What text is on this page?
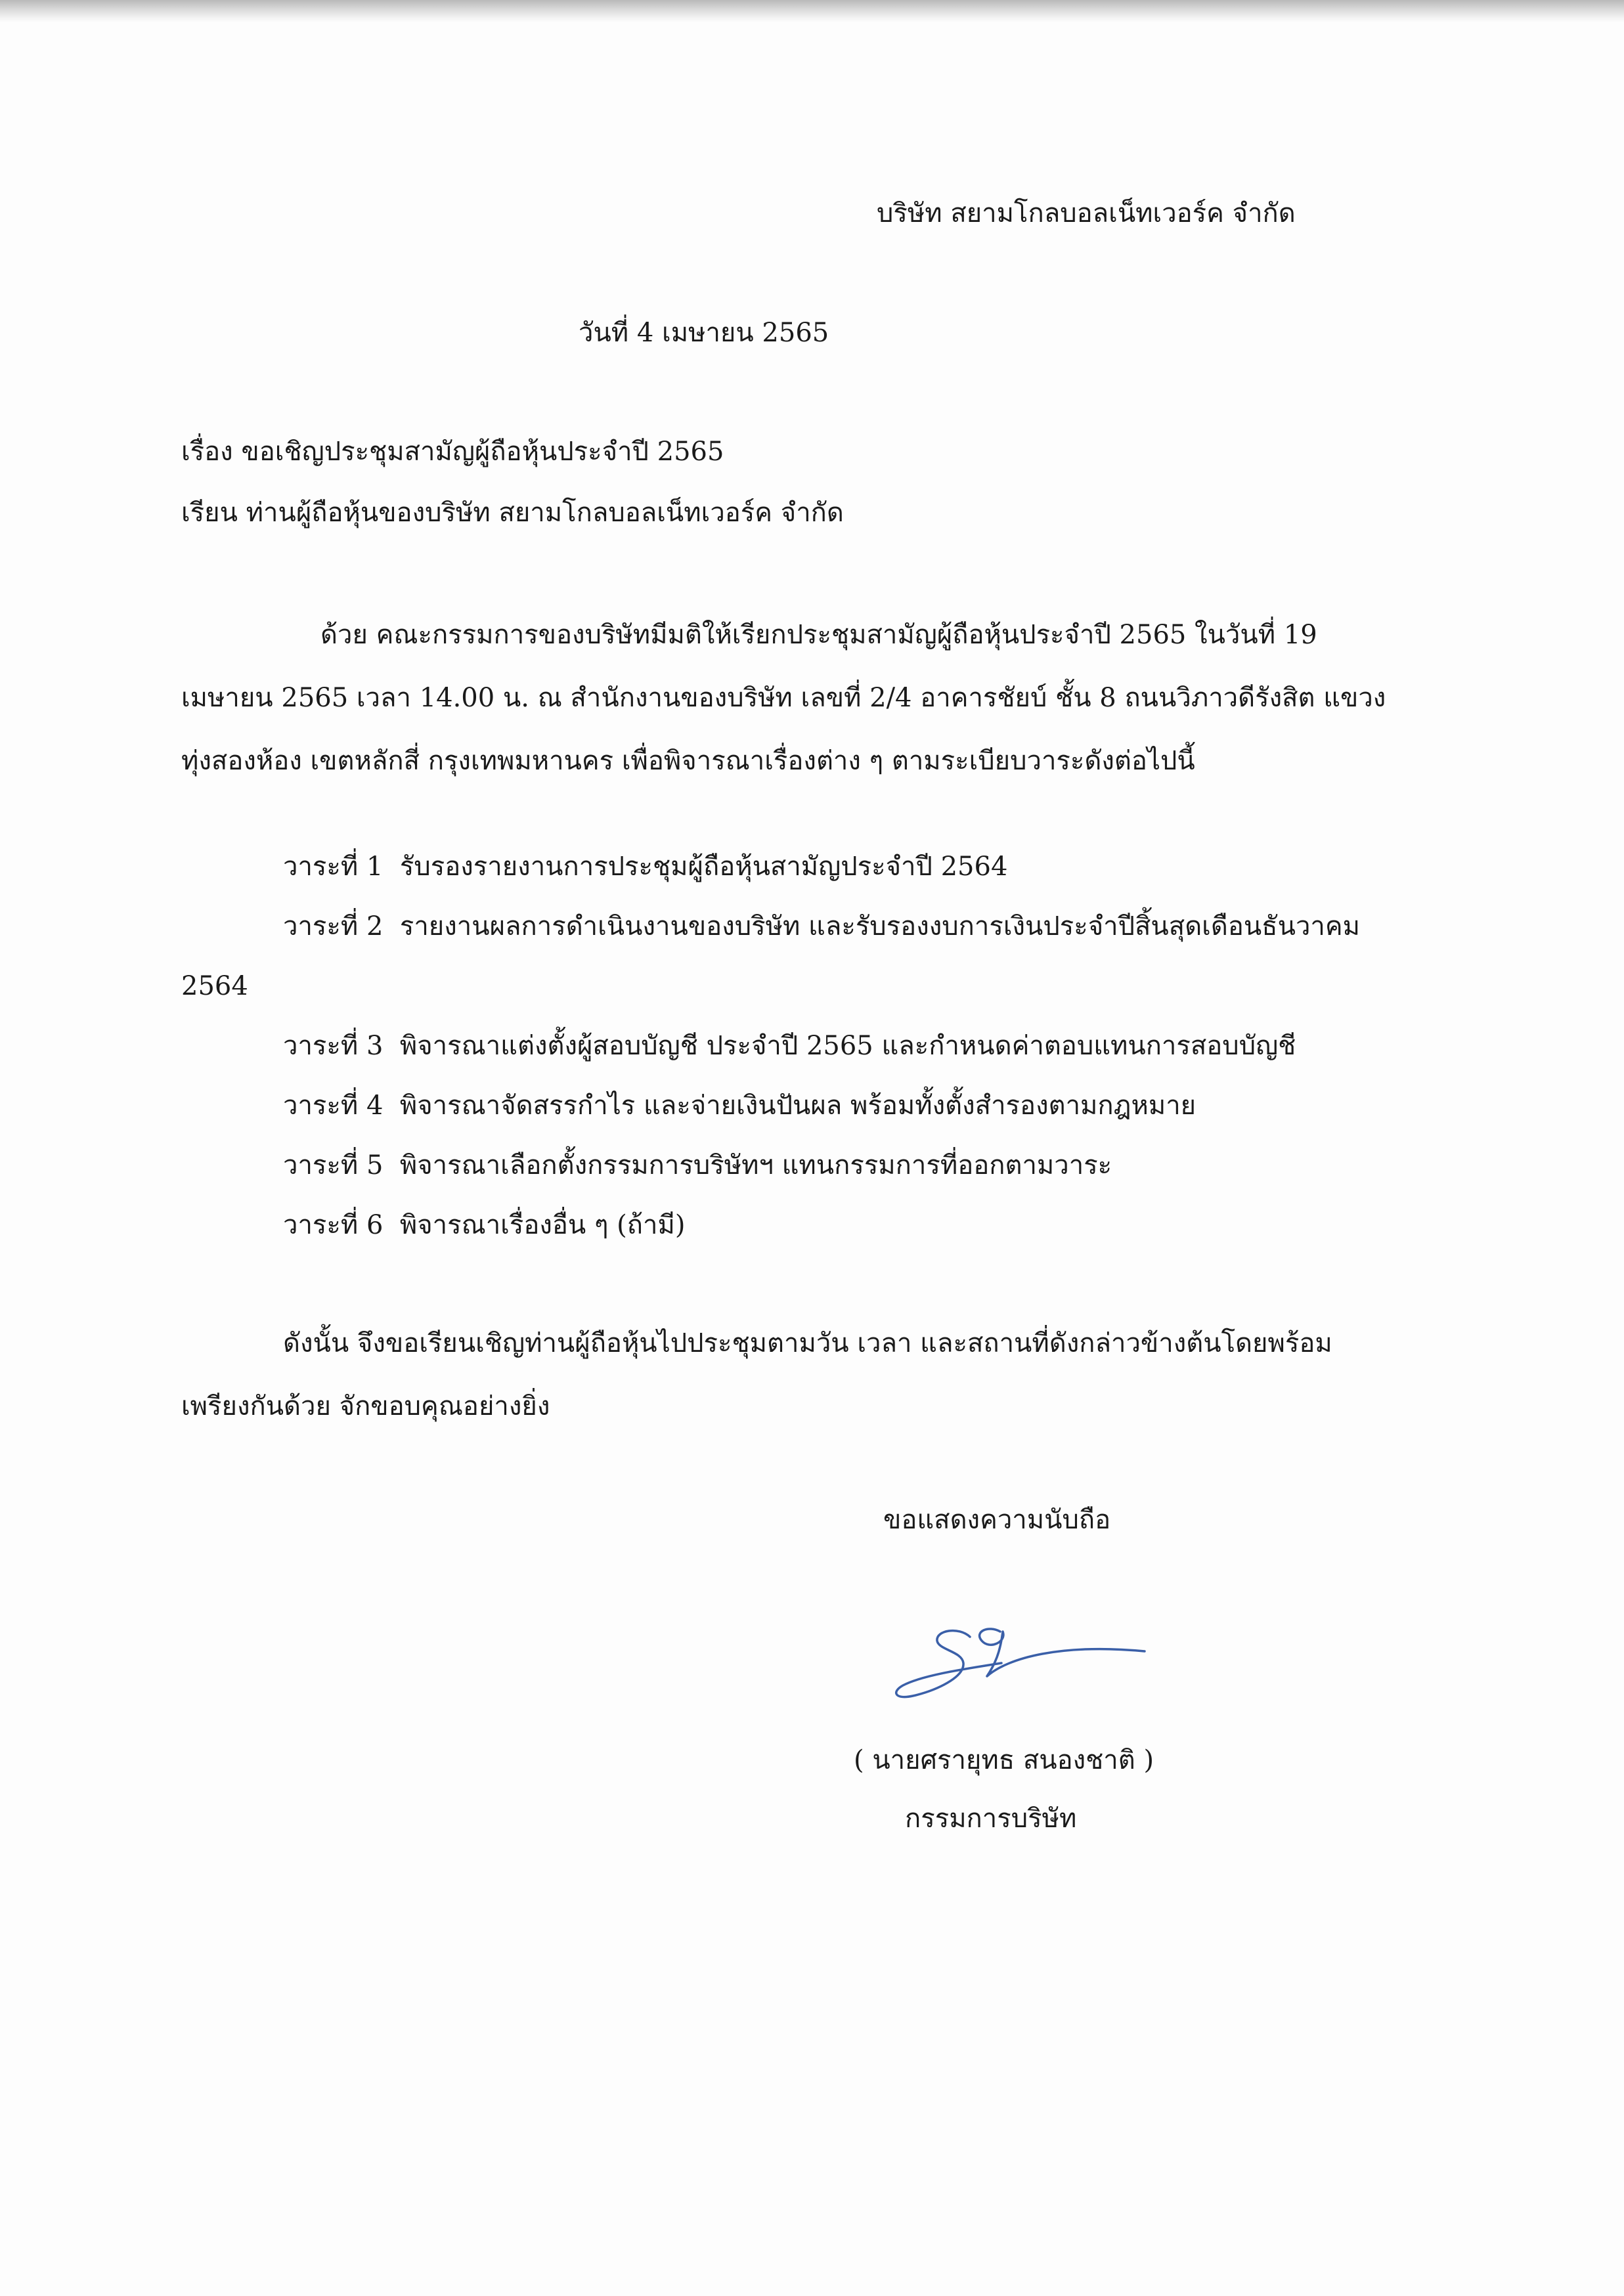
บริษัท สยามโกลบอลเน็ทเวอร์ค จำกัด
วันที่ 4 เมษายน 2565
เรื่อง ขอเชิญประชุมสามัญผู้ถือหุ้นประจำปี 2565
เรียน ท่านผู้ถือหุ้นของบริษัท สยามโกลบอลเน็ทเวอร์ค จำกัด
ด้วย คณะกรรมการของบริษัทมีมติให้เรียกประชุมสามัญผู้ถือหุ้นประจำปี 2565 ในวันที่ 19
เมษายน 2565 เวลา 14.00 น. ณ สำนักงานของบริษัท เลขที่ 2/4 อาคารชัยบ์ ชั้น 8 ถนนวิภาวดีรังสิต แขวง
ทุ่งสองห้อง เขตหลักสี่ กรุงเทพมหานคร เพื่อพิจารณาเรื่องต่าง ๆ ตามระเบียบวาระดังต่อไปนี้
วาระที่ 1 รับรองรายงานการประชุมผู้ถือหุ้นสามัญประจำปี 2564
วาระที่ 2 รายงานผลการดำเนินงานของบริษัท และรับรองงบการเงินประจำปีสิ้นสุดเดือนธันวาคม
2564
วาระที่ 3 พิจารณาแต่งตั้งผู้สอบบัญชี ประจำปี 2565 และกำหนดค่าตอบแทนการสอบบัญชี
วาระที่ 4 พิจารณาจัดสรรกำไร และจ่ายเงินปันผล พร้อมทั้งตั้งสำรองตามกฎหมาย
วาระที่ 5 พิจารณาเลือกตั้งกรรมการบริษัทฯ แทนกรรมการที่ออกตามวาระ
วาระที่ 6 พิจารณาเรื่องอื่น ๆ (ถ้ามี)
ดังนั้น จึงขอเรียนเชิญท่านผู้ถือหุ้นไปประชุมตามวัน เวลา และสถานที่ดังกล่าวข้างต้นโดยพร้อม
เพรียงกันด้วย จักขอบคุณอย่างยิ่ง
ขอแสดงความนับถือ
( นายศรายุทธ สนองชาติ )
กรรมการบริษัท
